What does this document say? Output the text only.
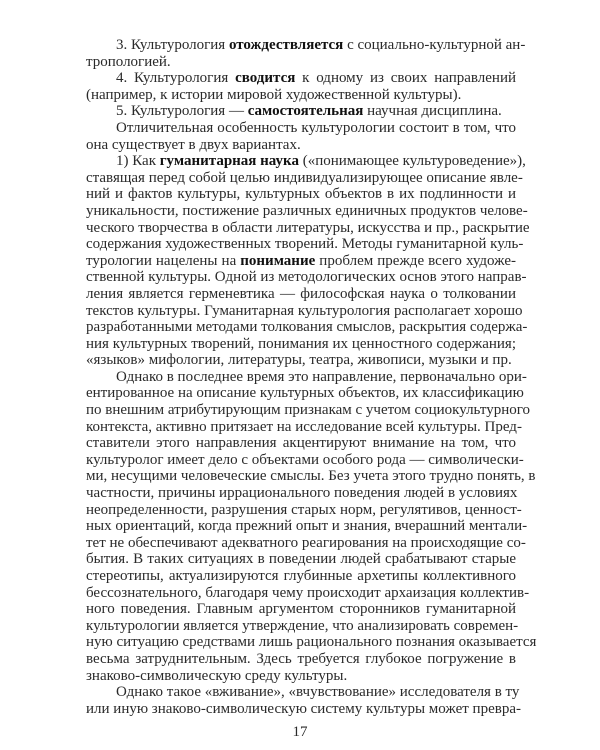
3. Культурология отождествляется с социально-культурной ан-
тропологией.
4. Культурология сводится к одному из своих направлений
(например, к истории мировой художественной культуры).
5. Культурология — самостоятельная научная дисциплина.
Отличительная особенность культурологии состоит в том, что
она существует в двух вариантах.
1) Как гуманитарная наука («понимающее культуроведение»),
ставящая перед собой целью индивидуализирующее описание явле-
ний и фактов культуры, культурных объектов в их подлинности и
уникальности, постижение различных единичных продуктов челове-
ческого творчества в области литературы, искусства и пр., раскрытие
содержания художественных творений. Методы гуманитарной куль-
турологии нацелены на понимание проблем прежде всего художе-
ственной культуры. Одной из методологических основ этого направ-
ления является герменевтика — философская наука о толковании
текстов культуры. Гуманитарная культурология располагает хорошо
разработанными методами толкования смыслов, раскрытия содержа-
ния культурных творений, понимания их ценностного содержания;
«языков» мифологии, литературы, театра, живописи, музыки и пр.
Однако в последнее время это направление, первоначально ори-
ентированное на описание культурных объектов, их классификацию
по внешним атрибутирующим признакам с учетом социокультурного
контекста, активно притязает на исследование всей культуры. Пред-
ставители этого направления акцентируют внимание на том, что
культуролог имеет дело с объектами особого рода — символически-
ми, несущими человеческие смыслы. Без учета этого трудно понять, в
частности, причины иррационального поведения людей в условиях
неопределенности, разрушения старых норм, регулятивов, ценност-
ных ориентаций, когда прежний опыт и знания, вчерашний ментали-
тет не обеспечивают адекватного реагирования на происходящие со-
бытия. В таких ситуациях в поведении людей срабатывают старые
стереотипы, актуализируются глубинные архетипы коллективного
бессознательного, благодаря чему происходит архаизация коллектив-
ного поведения. Главным аргументом сторонников гуманитарной
культурологии является утверждение, что анализировать современ-
ную ситуацию средствами лишь рационального познания оказывается
весьма затруднительным. Здесь требуется глубокое погружение в
знаково-символическую среду культуры.
Однако такое «вживание», «вчувствование» исследователя в ту
или иную знаково-символическую систему культуры может превра-
17
